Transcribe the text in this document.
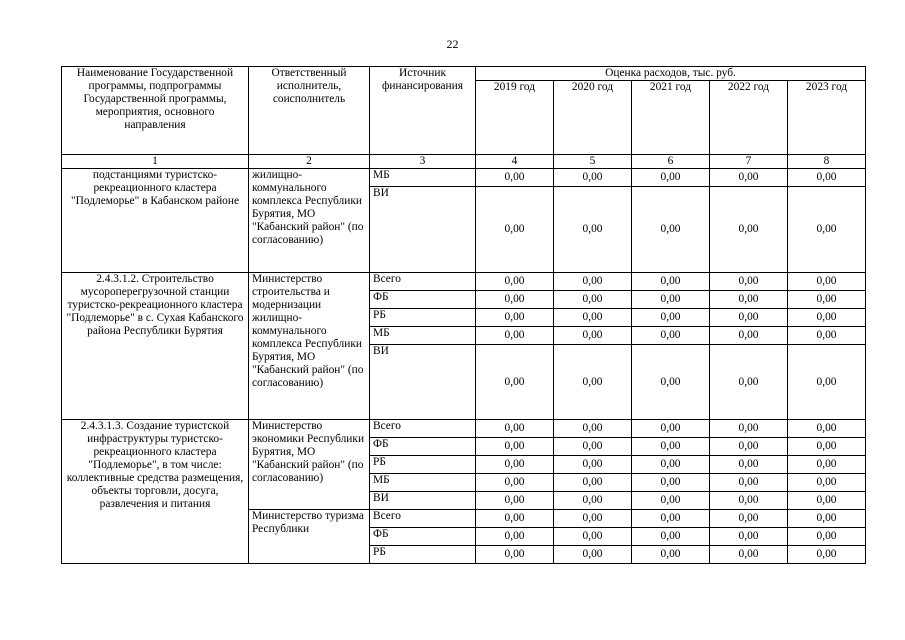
22
Наименование Государственной программы, подпрограммы Государственной программы, мероприятия, основного направления	Ответственный исполнитель, соисполнитель	Источник финансирования	Оценка расходов, тыс. руб.				
			2019 год	2020 год	2021 год	2022 год	2023 год
1	2	3	4	5	6	7	8
подстанциями туристско-рекреационного кластера "Подлеморье" в Кабанском районе	жилищно-коммунального комплекса Республики Бурятия, МО "Кабанский район" (по согласованию)	МБ	0,00	0,00	0,00	0,00	0,00
		ВИ	0,00	0,00	0,00	0,00	0,00
2.4.3.1.2. Строительство мусороперегрузочной станции туристско-рекреационного кластера "Подлеморье" в с. Сухая Кабанского района Республики Бурятия	Министерство строительства и модернизации жилищно-коммунального комплекса Республики Бурятия, МО "Кабанский район" (по согласованию)	Всего	0,00	0,00	0,00	0,00	0,00
		ФБ	0,00	0,00	0,00	0,00	0,00
		РБ	0,00	0,00	0,00	0,00	0,00
		МБ	0,00	0,00	0,00	0,00	0,00
		ВИ	0,00	0,00	0,00	0,00	0,00
2.4.3.1.3. Создание туристской инфраструктуры туристско-рекреационного кластера "Подлеморье", в том числе: коллективные средства размещения, объекты торговли, досуга, развлечения и питания	Министерство экономики Республики Бурятия, МО "Кабанский район" (по согласованию)	Всего	0,00	0,00	0,00	0,00	0,00
		ФБ	0,00	0,00	0,00	0,00	0,00
		РБ	0,00	0,00	0,00	0,00	0,00
		МБ	0,00	0,00	0,00	0,00	0,00
		ВИ	0,00	0,00	0,00	0,00	0,00
	Министерство туризма Республики	Всего	0,00	0,00	0,00	0,00	0,00
		ФБ	0,00	0,00	0,00	0,00	0,00
		РБ	0,00	0,00	0,00	0,00	0,00
